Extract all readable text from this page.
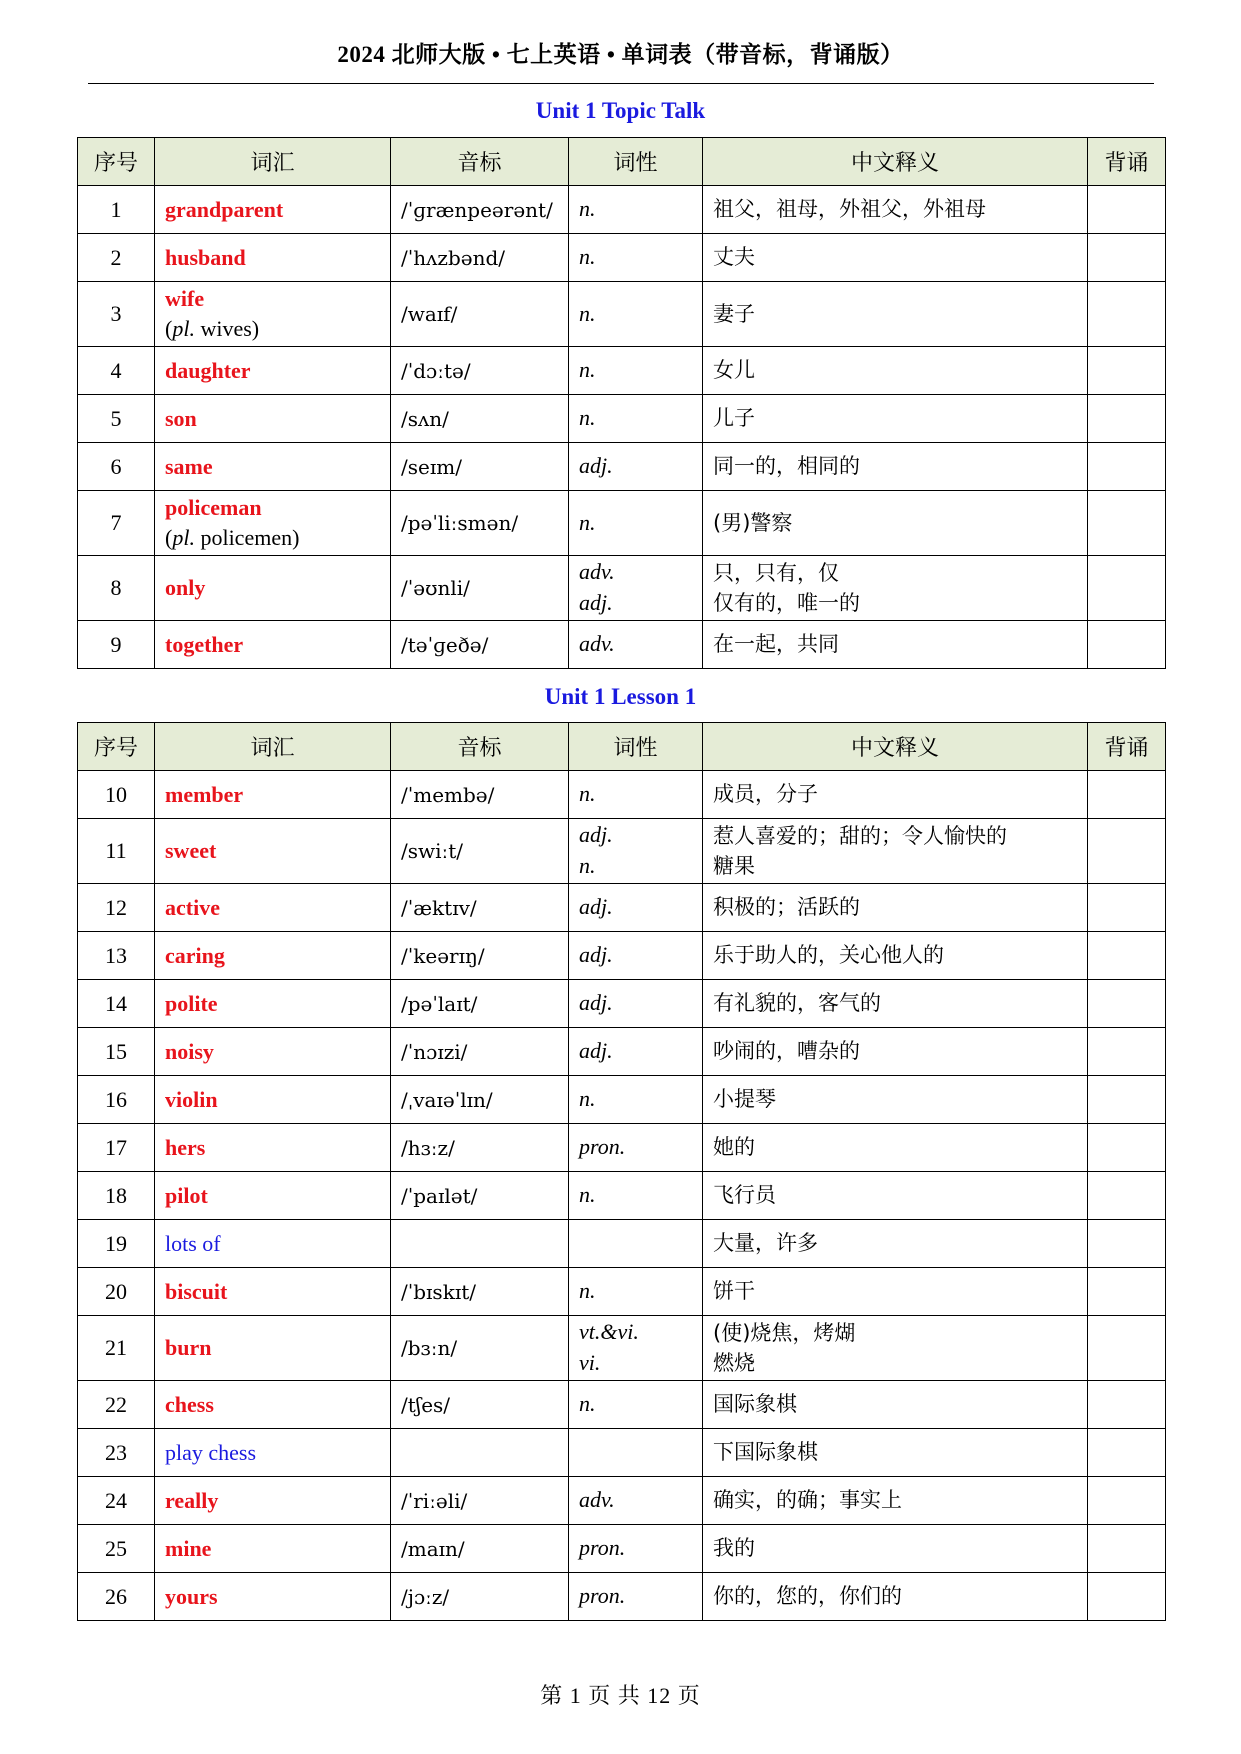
2024 北师大版 • 七上英语 • 单词表（带音标，背诵版）
Unit 1 Topic Talk
序号	词汇	音标	词性	中文释义	背诵
1	grandparent	/ˈɡrænpeərənt/	n.	祖父，祖母，外祖父，外祖母	

2	husband	/ˈhʌzbənd/	n.	丈夫	

3	wife
(pl. wives)	/waɪf/	n.	妻子	

4	daughter	/ˈdɔːtə/	n.	女儿	

5	son	/sʌn/	n.	儿子	

6	same	/seɪm/	adj.	同一的，相同的	

7	policeman
(pl. policemen)	/pəˈliːsmən/	n.	(男)警察	

8	only	/ˈəʊnli/	adv.
adj.	只，只有，仅
仅有的，唯一的	

9	together	/təˈɡeðə/	adv.	在一起，共同	

Unit 1 Lesson 1
序号	词汇	音标	词性	中文释义	背诵
10	member	/ˈmembə/	n.	成员，分子	

11	sweet	/swiːt/	adj.
n.	惹人喜爱的；甜的；令人愉快的
糖果	

12	active	/ˈæktɪv/	adj.	积极的；活跃的	

13	caring	/ˈkeərɪŋ/	adj.	乐于助人的，关心他人的	

14	polite	/pəˈlaɪt/	adj.	有礼貌的，客气的	

15	noisy	/ˈnɔɪzi/	adj.	吵闹的，嘈杂的	

16	violin	/ˌvaɪəˈlɪn/	n.	小提琴	

17	hers	/hɜːz/	pron.	她的	

18	pilot	/ˈpaɪlət/	n.	飞行员	

19	lots of			大量，许多	

20	biscuit	/ˈbɪskɪt/	n.	饼干	

21	burn	/bɜːn/	vt.&vi.
vi.	(使)烧焦，烤煳
燃烧	

22	chess	/tʃes/	n.	国际象棋	

23	play chess			下国际象棋	

24	really	/ˈriːəli/	adv.	确实，的确；事实上	

25	mine	/maɪn/	pron.	我的	

26	yours	/jɔːz/	pron.	你的，您的，你们的	

第 1 页 共 12 页
